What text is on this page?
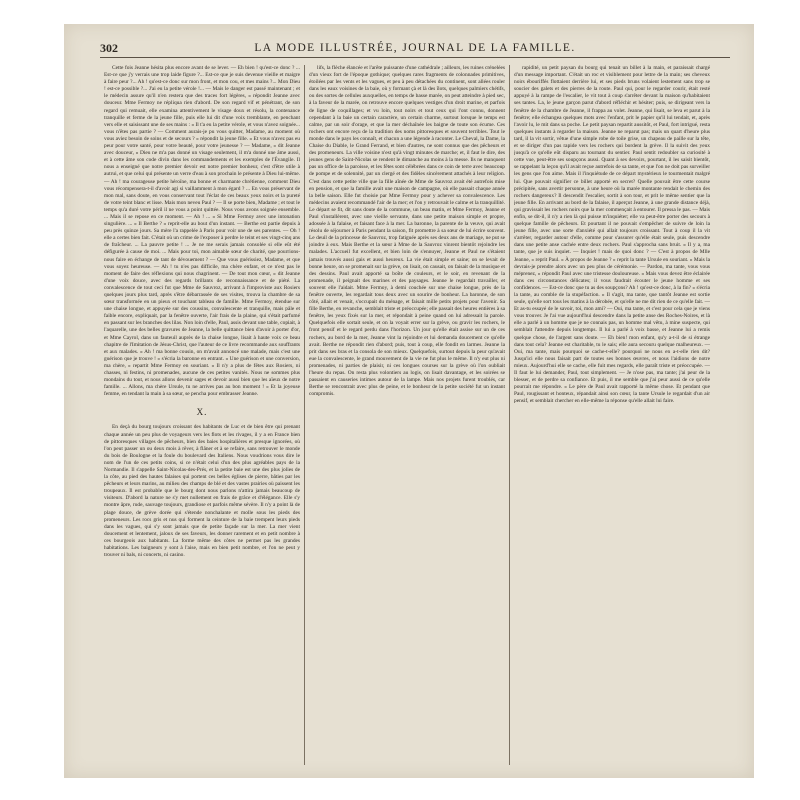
302	LA MODE ILLUSTRÉE, JOURNAL DE LA FAMILLE.

Cette fois Jeanne hésita plus encore avant de se lever. — Eh bien ! qu'est-ce donc ? ... Est-ce que j'y verrais une trop laide figure ?... Est-ce que je suis devenue vieille et maigre à faire peur ?... Ah ! qu'est-ce donc sur mon front, et mon cou, et mes mains ?... Mon Dieu ! est-ce possible ?... J'ai eu la petite vérole !... — Mais le danger est passé maintenant ; et le médecin assure qu'il n'en restera que des traces fort légères, » répondit Jeanne avec douceur. Mme Fermoy ne répliqua rien d'abord. De son regard vif et pénétrant, de son regard qui remuait, elle examina attentivement le visage doux et résolu, la contenance tranquille et ferme de la jeune fille, puis elle lui dit d'une voix tremblante, en penchant vers elle et saisissant une de ses mains : « Il t'a eu la petite vérole, et vous n'avez soignée... vous n'êtes pas partie ? — Comment aurais-je pu vous quitter, Madame, au moment où vous aviez besoin de soins et de secours ? » répondit la jeune fille. « Et vous n'avez pas eu peur pour votre santé, pour votre beauté, pour votre jeunesse ? — Madame, » dit Jeanne avec douceur, « Dieu ne m'a pas donné un visage seulement, il m'a donné une âme aussi, et à cette âme son code divin dans les commandements et les exemples de l'Évangile. Il nous a enseigné que notre premier devoir est notre premier bonheur, c'est d'être utile à autrui, et que celui qui présente un verre d'eau à son prochain le présente à Dieu lui-même. — Ah ! ma courageuse petite héroïne, ma bonne et charmante chrétienne, comment Dieu vous récompensera-t-il d'avoir agi si vaillamment à mon égard ? ... En vous préservant de mon mal, sans doute, en vous conservant tout l'éclat de ces beaux yeux noirs et la pureté de votre teint blanc et lisse. Mais mon neveu Paul ? — Il se porte bien, Madame ; et tout le temps qu'a duré votre péril il ne vous a point quittée. Nous vous avons soignée ensemble. ... Mais il se repose en ce moment. — Ah ! ... « Si Mme Fermoy avec une intonation singulière. ... « Il Berthe ? » reprit-elle au bout d'un instant. — Berthe est partie depuis à peu près quinze jours. Sa mère l'a rappelée à Paris pour voir une de ses parentes. — Oh ! elle a certes bien fait. C'était où un crime de l'exposer à perdre le teint et ses vingt-cinq ans de fraîcheur. ... La pauvre petite ! ... Je ne me serais jamais consolée si elle eût été défigurée à cause de moi. ... Mais pour toi, mon aimable sœur de charité, que pourrions-nous faire en échange de tant de dévouement ? — Que vous guérissiez, Madame, et que vous soyez heureuse. — Ah ! tu n'es pas difficile, ma chère enfant, et ce n'est pas le moment de faire des réflexions qui nous chagrinent. — De tout mon cœur, » dit Jeanne d'une voix douce, avec des regards brillants de reconnaissance et de piété. La convalescence de tout ceci fut que Mme de Sauvroz, arrivant à l'improviste aux Rosiers quelques jours plus tard, après s'être débarrassée de ses visites, trouva la chambre de sa sœur transformée en un pieux et touchant tableau de famille. Mme Fermoy, étendue sur une chaise longue, et appuyée sur des coussins, convalescente et tranquille, mais pâle et faible encore, expliquait, par la fenêtre ouverte, l'air frais de la plaine, qui s'était parfumé en passant sur les branches des lilas. Non loin d'elle, Paul, assis devant une table, copiait, à l'aquarelle, une des belles gravures de Jeanne, la belle quittance bien d'avoir à porter d'or, et Mme Cayrol, dans un fauteuil auprès de la chaise longue, lisait à haute voix ce beau chapitre de l'Imitation de Jésus-Christ, que l'auteur de ce livre recommande aux souffrants et aux malades. « Ah ! ma bonne cousin, on m'avait annoncé une malade, mais c'est une guérison que je trouve ! » s'écria la baronne en entrant. « Une guérison et une conversion, ma chère, » repartit Mme Fermoy en souriant. « Il n'y a plus de fêtes aux Rosiers, ni chasses, ni festins, ni promenades, aucune de ces petites vanités. Nous ne sommes plus mondains du tout, et nous allons devenir sages et devoir aussi bien que les aïeux de notre famille. ... Allons, ma chère Ursule, tu ne arrives pas au bon moment ! » Et la joyeuse femme, en tendant la main à sa sœur, se pencha pour embrasser Jeanne.

X.

En deçà du bourg toujours croissant des habitants de Luc et de bien être qui prenant chaque année un peu plus de voyageurs vers les flots et les rivages, il y a en France bien de pittoresques villages de pêcheurs, bien des baies hospitalières et presque ignorées, où l'on peut passer un ou deux mois à rêver, à flâner et à se refaire, sans retrouver le monde du bois de Boulogne et la foule du boulevard des Italiens. Nous voudrions vous dire le nom de l'un de ces petits coins, si ce n'était celui d'un des plus agréables pays de la Normandie. Il s'appelle Saint-Nicolas-des-Prés, et la petite baie est une des plus jolies de la côte, au pied des hautes falaises qui portent ces belles églises de pierre, bâties par les pêcheurs et leurs marins, au milieu des champs de blé et des vastes prairies où paissent les troupeaux. Il est probable que le bourg dont nous parlons n'attira jamais beaucoup de visiteurs. D'abord la nature ne s'y met nullement en frais de grâce et d'élégance. Elle s'y montre âpre, rude, sauvage toujours, grandiose et parfois même sévère. Il n'y a point là de plage douce, de grève dorée qui s'étende nonchalante et molle sous les pieds des promeneurs. Les rocs gris et nus qui forment la ceinture de la baie trempent leurs pieds dans les vagues, qui s'y sont jamais que de petite façade sur la mer. La mer vient doucement et lentement, jaloux de ses faveurs, les donner rarement et en petit nombre à ces bourgeois aux habitants. La forme même des côtes ne permet pas les grandes habitations. Les baigneurs y sont à l'aise, mais en bien petit nombre, et l'on ne peut y trouver ni bals, ni concerts, ni casino.

lifs, la flèche élancée et l'arête puissante d'une cathédrale ; ailleurs, les ruines crénelées d'un vieux fort de l'époque gothique; quelques rares fragments de colonnades primitives, étoilées par les vents et les vagues, et peu à peu détachées du continent, sont allées rouler dans les eaux voisines de la baie, où y formant çà et là des îlots, quelques palmiers chétifs, ou des sortes de cellules auxquelles, en temps de basse marée, on peut atteindre à pied sec, à la faveur de la marée, on retrouve encore quelques vestiges d'un droit marine, et parfois de ligne de coquillages; et vu loin, tout noirs et tout ceux qui l'ont connu, donnent cependant à la baie un certain caractère, un certain charme, surtout lorsque le temps est calme, par un soir d'orage, et que la mer déchaînée les baigne de toute son écume. Ces rochers ont encore reçu de la tradition des noms pittoresques et souvent terribles. Tout le monde dans le pays les connaît, et chacun a une légende à raconter. Le Cheval, la Dame, la Chaise du Diable, le Grand Ferrand, et bien d'autres, ne sont connus que des pêcheurs et des promeneurs. La ville voisine n'est qu'à vingt minutes de marche; et, il faut le dire, des jeunes gens de Saint-Nicolas se rendent le dimanche au moins à la messe. Ils ne manquent pas un office de la paroisse, et les fêtes sont célébrées dans ce coin de terre avec beaucoup de pompe et de solennité, par un clergé et des fidèles sincèrement attachés à leur religion. C'est dans cette petite ville que la fille aînée de Mme de Sauvroz avait été autrefois mise en pension, et que la famille avait une maison de campagne, où elle passait chaque année la belle saison. Elle fut choisie par Mme Fermoy pour y achever sa convalescence. Les médecins avaient recommandé l'air de la mer; et l'on y retrouvait le calme et la tranquillité. Le départ se fit, dit sans doute de la commune, un beau matin, et Mme Fermoy, Jeanne et Paul s'installèrent, avec une vieille servante, dans une petite maison simple et propre, adossée à la falaise, et faisant face à la mer. La baronne, la parente de la veuve, qui avait résolu de séjourner à Paris pendant la saison, fit promettre à sa sœur de lui écrire souvent. Le deuil de la princesse de Sauvroz, trop fatiguée après ses deux ans de mariage, ne put se joindre à eux. Mais Berthe et la sœur à Mme de la Sauvroz vinrent bientôt rejoindre les malades. L'accueil fut excellent, et bien loin de s'ennuyer, Jeanne et Paul ne s'étaient jamais trouvés aussi gais et aussi heureux. La vie était simple et saine; on se levait de bonne heure, on se promenait sur la grève, on lisait, on causait, on faisait de la musique et des dessins. Paul avait apporté sa boîte de couleurs, et le soir, en revenant de la promenade, il peignait des marines et des paysages. Jeanne le regardait travailler, et souvent elle l'aidait. Mme Fermoy, à demi couchée sur une chaise longue, près de la fenêtre ouverte, les regardait tous deux avec un sourire de bonheur. La baronne, de son côté, allait et venait, s'occupait du ménage, et faisait mille petits projets pour l'avenir. Sa fille Berthe, en revanche, semblait triste et préoccupée; elle passait des heures entières à sa fenêtre, les yeux fixés sur la mer, et répondait à peine quand on lui adressait la parole. Quelquefois elle sortait seule, et on la voyait errer sur la grève, ou gravir les rochers, le front pensif et le regard perdu dans l'horizon. Un jour qu'elle était assise sur un de ces rochers, au bord de la mer, Jeanne vint la rejoindre et lui demanda doucement ce qu'elle avait. Berthe ne répondit rien d'abord; puis, tout à coup, elle fondit en larmes. Jeanne la prit dans ses bras et la consola de son mieux. Quelquefois, surtout depuis la peur qu'avait eue la convalescente, le grand mouvement de la vie ne fut plus le même. Il n'y eut plus ni promenades, ni parties de plaisir, ni ces longues courses sur la grève où l'on oubliait l'heure du repas. On resta plus volontiers au logis, on lisait davantage, et les soirées se passaient en causeries intimes autour de la lampe. Mais nos projets furent troublés, car Berthe se rencontrait avec plus de peine, et le bonheur de la petite société fut un instant compromis.

rapidité, un petit paysan du bourg qui tenait un billet à la main, et paraissait chargé d'un message important. C'était un roc et visiblement pour lettre de la main; ses cheveux noirs ébouriffés flottaient derrière lui, et ses pieds bruns volaient lestement sans trop se soucier des galets et des pierres de la route. Paul qui, pour le regarder courir, était resté appuyé à la rampe de l'escalier, le vit tout à coup s'arrêter devant la maison qu'habitaient ses tantes. La, le jeune garçon parut d'abord réfléchir et hésiter; puis, se dirigeant vers la fenêtre de la chambre de Jeanne, il frappa au volet. Jeanne, qui lisait, se leva et parut à la fenêtre; elle échangea quelques mots avec l'enfant, prit le papier qu'il lui tendait, et, après l'avoir lu, le mit dans sa poche. Le petit paysan repartit aussitôt, et Paul, fort intrigué, resta quelques instants à regarder la maison. Jeanne ne reparut pas; mais un quart d'heure plus tard, il la vit sortir, vêtue d'une simple robe de toile grise, un chapeau de paille sur la tête, et se diriger d'un pas rapide vers les rochers qui bordent la grève. Il la suivit des yeux jusqu'à ce qu'elle eût disparu au tournant du sentier. Paul sentit redoubler sa curiosité à cette vue, peut-être ses soupçons aussi. Quant à ses devoirs, pourtant, il les saisit bientôt, se rappelant la leçon qu'il avait reçue autrefois de sa tante, et que l'on ne doit pas surveiller les gens que l'on aime. Mais il l'inquiétude de ce départ mystérieux le tourmentait malgré lui. Que pouvait signifier ce billet apporté en secret? Quelle pouvait être cette course précipitée, sans avertir personne, à une heure où la marée montante rendait le chemin des rochers dangereux? Il descendit l'escalier, sortit à son tour, et prit le même sentier que la jeune fille. En arrivant au bord de la falaise, il aperçut Jeanne, à une grande distance déjà, qui gravissait les rochers noirs que la mer commençait à entourer. Il pressa le pas. — Mais enfin, se dit-il, il n'y a rien là qui puisse m'inquiéter; elle va peut-être porter des secours à quelque famille de pêcheurs. Et pourtant il ne pouvait s'empêcher de suivre de loin la jeune fille, avec une sorte d'anxiété qui allait toujours croissant. Tout à coup il la vit s'arrêter, regarder autour d'elle, comme pour s'assurer qu'elle était seule, puis descendre dans une petite anse cachée entre deux rochers. Paul s'approcha sans bruit. « Il y a, ma tante, que je suis inquiet. — Inquiet ! mais de quoi donc ? — C'est à propos de Mlle Jeanne, » reprit Paul. « À propos de Jeanne ? » reprit la tante Ursule en souriant. « Mais la devrais-je prendre alors avec un peu plus de cérémonie. — Pardon, ma tante, vous vous méprenez, » répondit Paul avec une tristesse douloureuse. « Mais vous devez être éclairée dans ces circonstances délicates; il vous faudrait écouter le jeune homme et ses confidences. — Est-ce donc que tu as des soupçons? Ah ! qu'est-ce donc, à la fin? » s'écria la tante, au comble de la stupéfaction. « Il s'agit, ma tante, que tantôt Jeanne est sortie seule, qu'elle sort tous les matins à la dérobée, et qu'elle ne me dit rien de ce qu'elle fait. — Et as-tu essayé de le savoir, toi, mon ami? — Oui, ma tante, et c'est pour cela que je viens vous trouver. Je l'ai vue aujourd'hui descendre dans la petite anse des Roches-Noires, et là elle a parlé à un homme que je ne connais pas, un homme mal vêtu, à mine suspecte, qui semblait l'attendre depuis longtemps. Il lui a parlé à voix basse, et Jeanne lui a remis quelque chose, de l'argent sans doute. — Eh bien! mon enfant, qu'y a-t-il de si étrange dans tout cela? Jeanne est charitable, tu le sais; elle aura secouru quelque malheureux. — Oui, ma tante, mais pourquoi se cache-t-elle? pourquoi ne nous en a-t-elle rien dit? Jusqu'ici elle nous faisait part de toutes ses bonnes œuvres, et nous l'aidions de notre mieux. Aujourd'hui elle se cache, elle fuit mes regards, elle paraît triste et préoccupée. — Il faut le lui demander, Paul, tout simplement. — Je n'ose pas, ma tante; j'ai peur de la blesser, et de perdre sa confiance. Et puis, il me semble que j'ai peur aussi de ce qu'elle pourrait me répondre. » Le père de Paul avait rapporté la même chose. Et pendant que Paul, rougissant et honteux, répandait ainsi son cœur, la tante Ursule le regardait d'un air pensif, et semblait chercher en elle-même la réponse qu'elle allait lui faire.
